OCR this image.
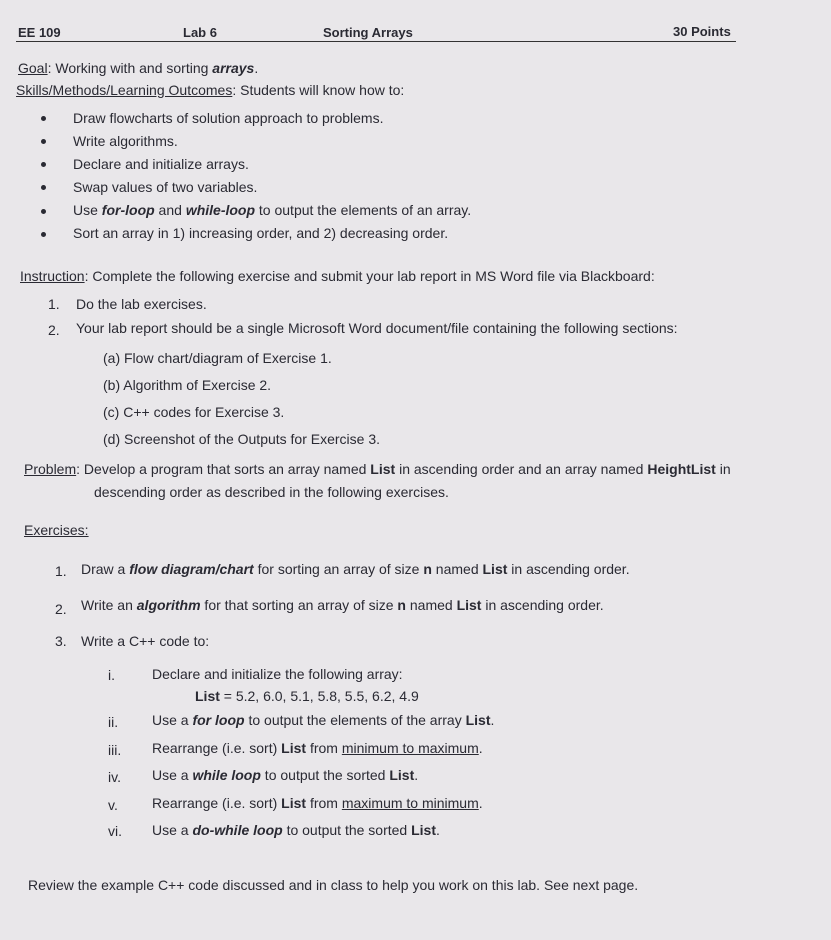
EE 109	Lab 6	Sorting Arrays	30 Points
Goal: Working with and sorting arrays.
Skills/Methods/Learning Outcomes: Students will know how to:
Draw flowcharts of solution approach to problems.
Write algorithms.
Declare and initialize arrays.
Swap values of two variables.
Use for-loop and while-loop to output the elements of an array.
Sort an array in 1) increasing order, and 2) decreasing order.
Instruction: Complete the following exercise and submit your lab report in MS Word file via Blackboard:
1. Do the lab exercises.
2. Your lab report should be a single Microsoft Word document/file containing the following sections:
(a) Flow chart/diagram of Exercise 1.
(b) Algorithm of Exercise 2.
(c) C++ codes for Exercise 3.
(d) Screenshot of the Outputs for Exercise 3.
Problem: Develop a program that sorts an array named List in ascending order and an array named HeightList in
descending order as described in the following exercises.
Exercises:
1. Draw a flow diagram/chart for sorting an array of size n named List in ascending order.
2. Write an algorithm for that sorting an array of size n named List in ascending order.
3. Write a C++ code to:
i.	Declare and initialize the following array:
List = 5.2, 6.0, 5.1, 5.8, 5.5, 6.2, 4.9
ii. Use a for loop to output the elements of the array List.
iii. Rearrange (i.e. sort) List from minimum to maximum.
iv. Use a while loop to output the sorted List.
v. Rearrange (i.e. sort) List from maximum to minimum.
vi. Use a do-while loop to output the sorted List.
Review the example C++ code discussed and in class to help you work on this lab. See next page.
